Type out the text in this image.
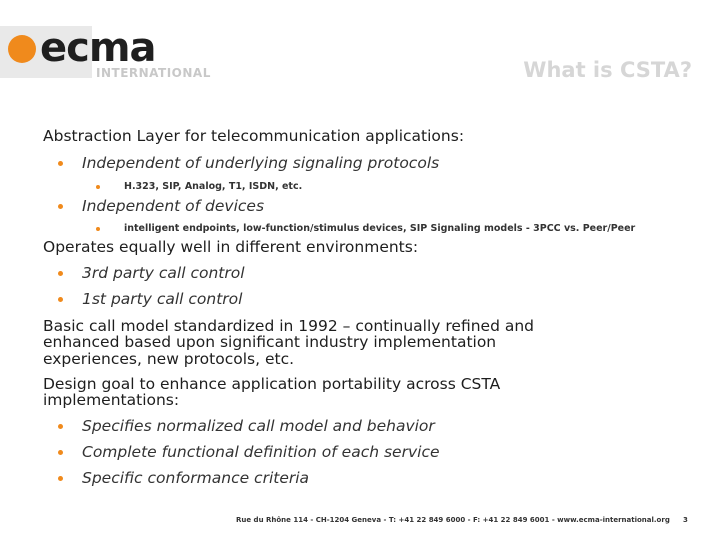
ecma
INTERNATIONAL	What is CSTA?
Abstraction Layer for telecommunication applications:
Independent of underlying signaling protocols
H.323, SIP, Analog, T1, ISDN, etc.
Independent of devices
intelligent endpoints, low-function/stimulus devices, SIP Signaling models - 3PCC vs. Peer/Peer
Operates equally well in different environments:
3rd party call control
1st party call control
Basic call model standardized in 1992 – continually refined and
enhanced based upon significant industry implementation
experiences, new protocols, etc.
Design goal to enhance application portability across CSTA
implementations:
Specifies normalized call model and behavior
Complete functional definition of each service
Specific conformance criteria
Rue du Rhône 114 - CH-1204 Geneva - T: +41 22 849 6000 - F: +41 22 849 6001 - www.ecma-international.org 3
